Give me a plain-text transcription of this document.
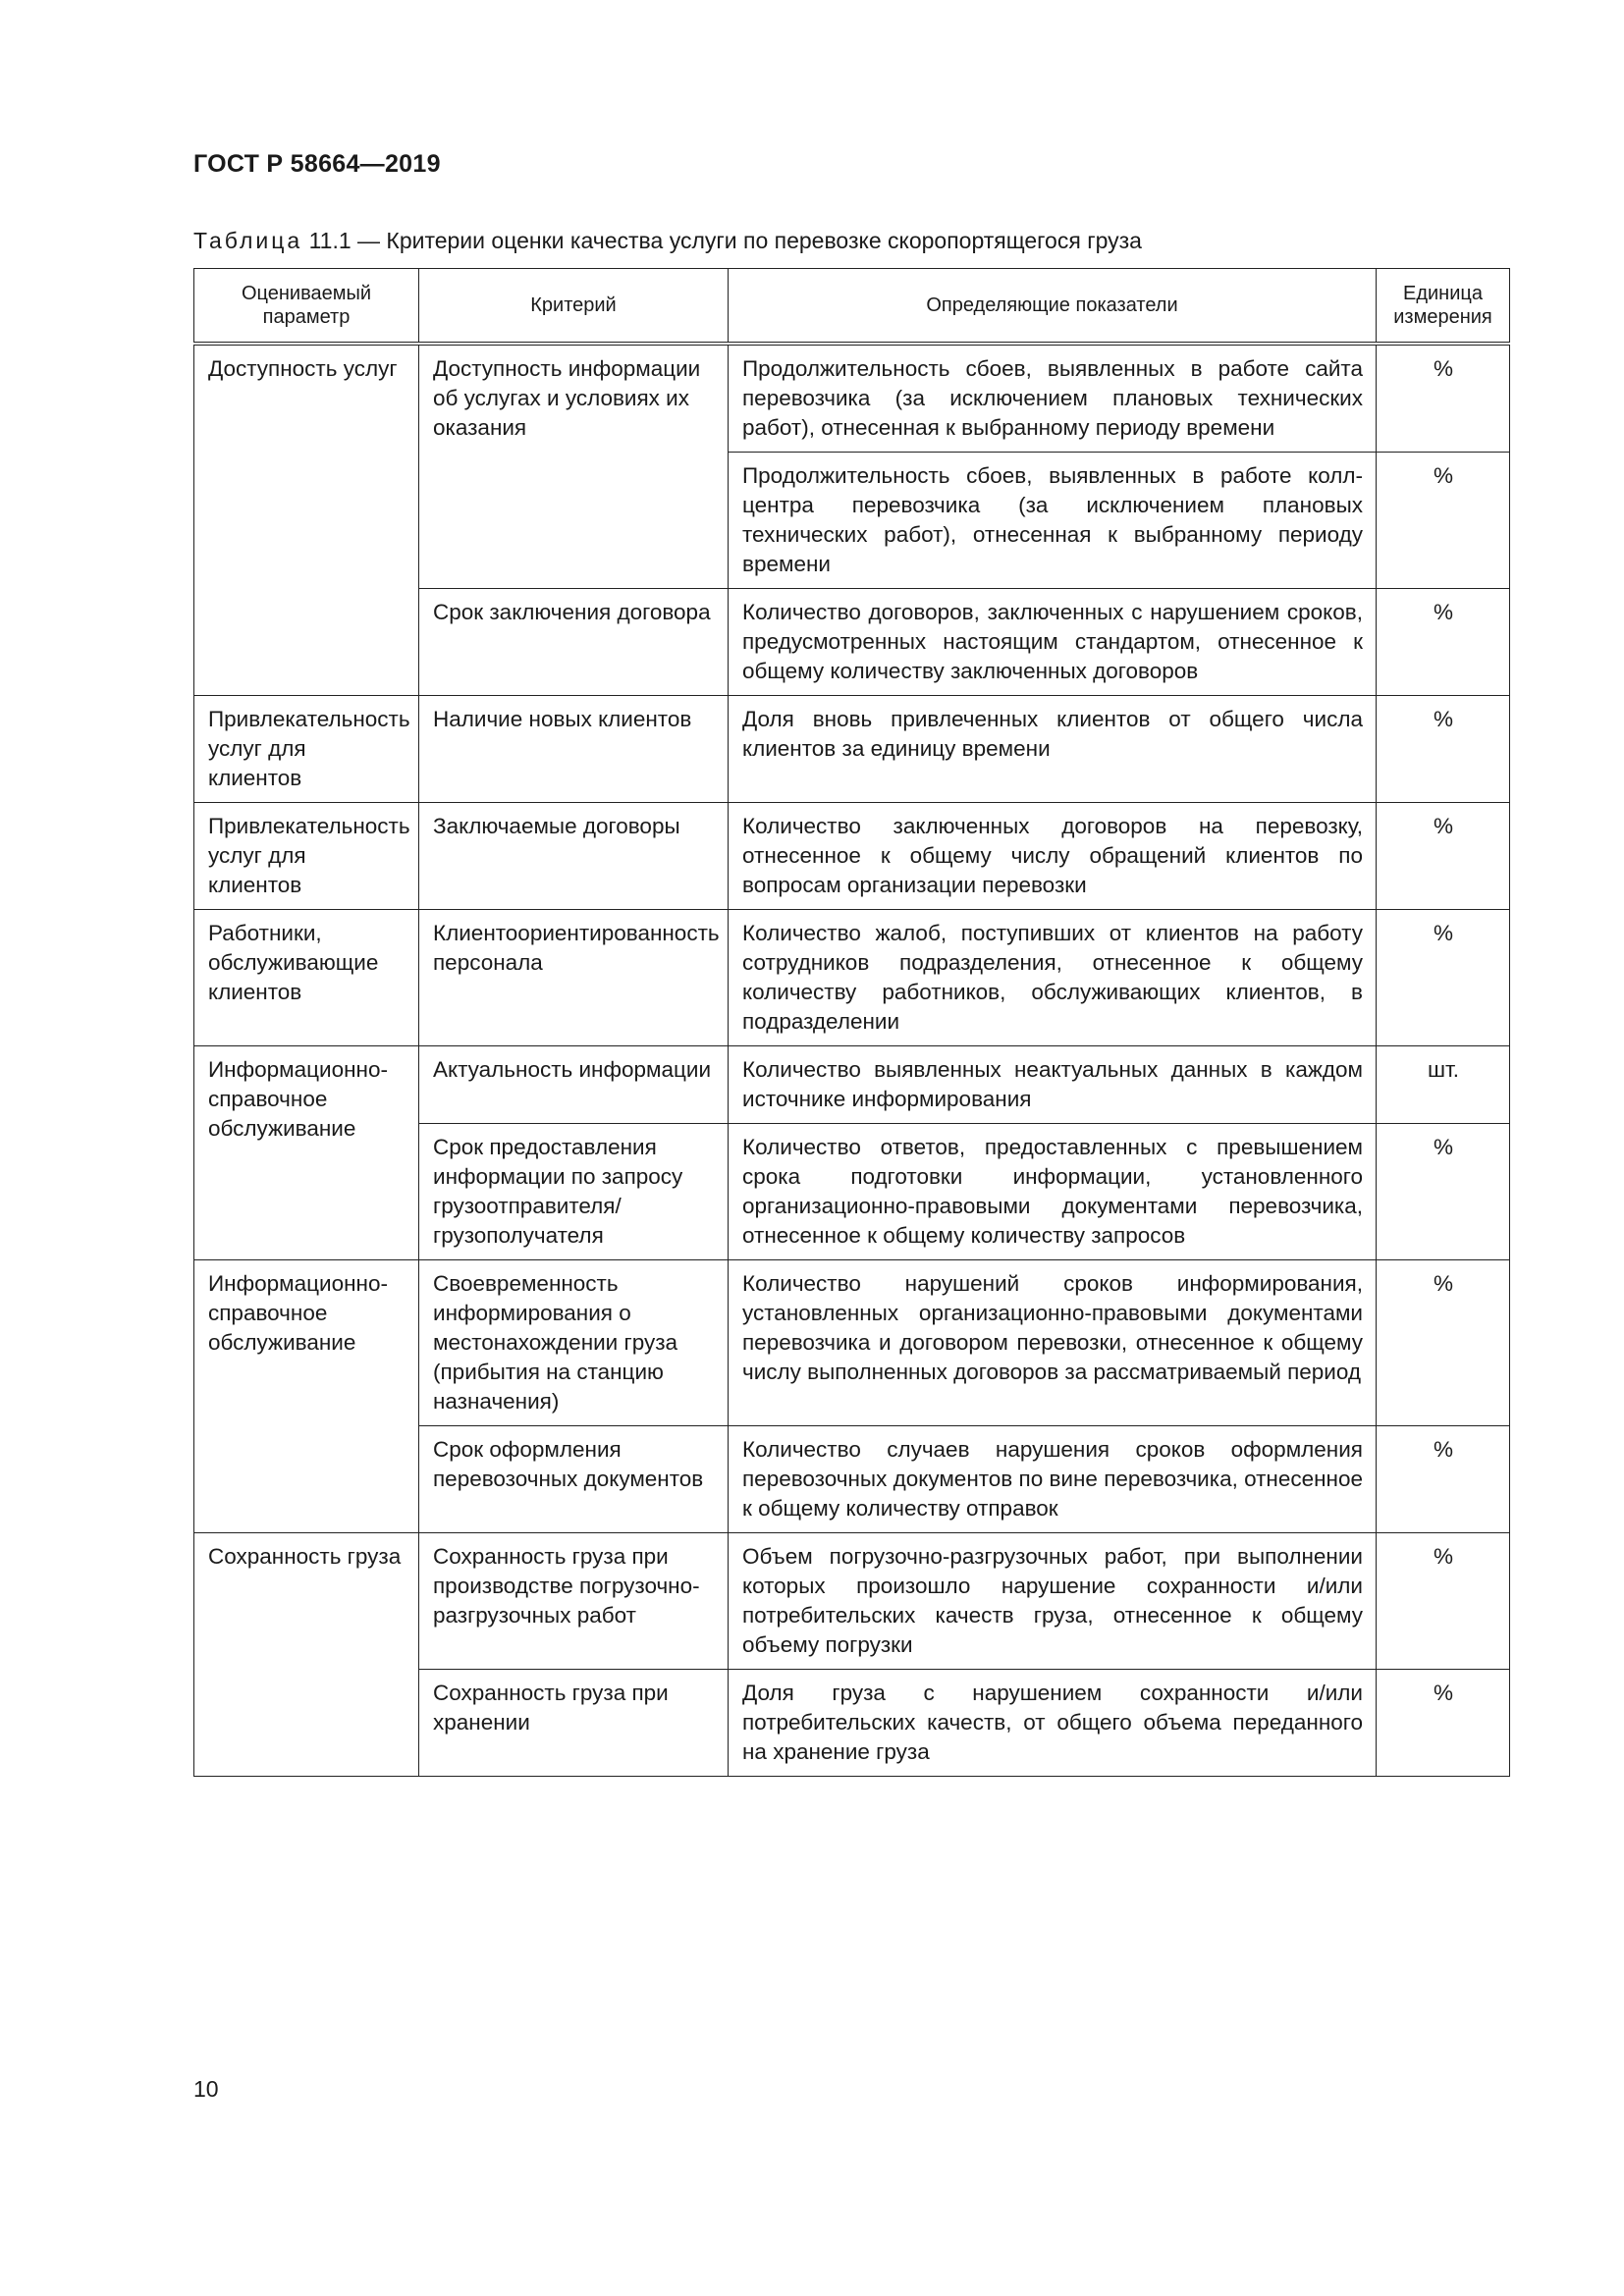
ГОСТ Р 58664—2019
Таблица 11.1 — Критерии оценки качества услуги по перевозке скоропортящегося груза
Оцениваемый параметр	Критерий	Определяющие показатели	Единица измерения
Доступность услуг	Доступность информации об услугах и условиях их оказания	Продолжительность сбоев, выявленных в работе сайта перевозчика (за исключением плановых технических работ), отнесенная к выбранному периоду времени	%
		Продолжительность сбоев, выявленных в работе колл-центра перевозчика (за исключением плановых технических работ), отнесенная к выбранному периоду времени	%
	Срок заключения договора	Количество договоров, заключенных с нарушением сроков, предусмотренных настоящим стандартом, отнесенное к общему количеству заключенных договоров	%
Привлекательность услуг для клиентов	Наличие новых клиентов	Доля вновь привлеченных клиентов от общего числа клиентов за единицу времени	%
Привлекательность услуг для клиентов	Заключаемые договоры	Количество заключенных договоров на перевозку, отнесенное к общему числу обращений клиентов по вопросам организации перевозки	%
Работники, обслуживающие клиентов	Клиентоориентированность персонала	Количество жалоб, поступивших от клиентов на работу сотрудников подразделения, отнесенное к общему количеству работников, обслуживающих клиентов, в подразделении	%
Информационно-справочное обслуживание	Актуальность информации	Количество выявленных неактуальных данных в каждом источнике информирования	шт.
	Срок предоставления информации по запросу грузоотправителя/грузополучателя	Количество ответов, предоставленных с превышением срока подготовки информации, установленного организационно-правовыми документами перевозчика, отнесенное к общему количеству запросов	%
Информационно-справочное обслуживание	Своевременность информирования о местонахождении груза (прибытия на станцию назначения)	Количество нарушений сроков информирования, установленных организационно-правовыми документами перевозчика и договором перевозки, отнесенное к общему числу выполненных договоров за рассматриваемый период	%
	Срок оформления перевозочных документов	Количество случаев нарушения сроков оформления перевозочных документов по вине перевозчика, отнесенное к общему количеству отправок	%
Сохранность груза	Сохранность груза при производстве погрузочно-разгрузочных работ	Объем погрузочно-разгрузочных работ, при выполнении которых произошло нарушение сохранности и/или потребительских качеств груза, отнесенное к общему объему погрузки	%
	Сохранность груза при хранении	Доля груза с нарушением сохранности и/или потребительских качеств, от общего объема переданного на хранение груза	%
10
